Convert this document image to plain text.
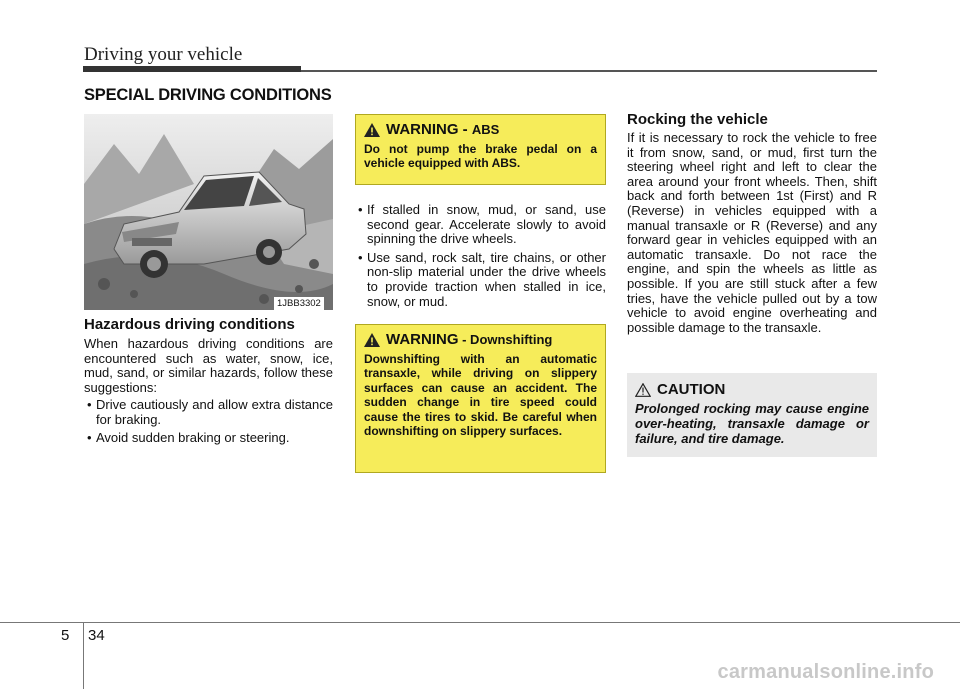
Driving your vehicle
SPECIAL DRIVING CONDITIONS
1JBB3302
Hazardous driving conditions
When hazardous driving conditions are encountered such as water, snow, ice, mud, sand, or similar hazards, follow these suggestions:

• Drive cautiously and allow extra distance for braking.

• Avoid sudden braking or steering.

WARNING - ABS
Do not pump the brake pedal on a vehicle equipped with ABS.

• If stalled in snow, mud, or sand, use second gear. Accelerate slowly to avoid spinning the drive wheels.

• Use sand, rock salt, tire chains, or other non-slip material under the drive wheels to provide traction when stalled in ice, snow, or mud.

WARNING - Downshifting
Downshifting with an automatic transaxle, while driving on slippery surfaces can cause an accident. The sudden change in tire speed could cause the tires to skid. Be careful when downshifting on slippery surfaces.
Rocking the vehicle
If it is necessary to rock the vehicle to free it from snow, sand, or mud, first turn the steering wheel right and left to clear the area around your front wheels. Then, shift back and forth between 1st (First) and R (Reverse) in vehicles equipped with a manual transaxle or R (Reverse) and any forward gear in vehicles equipped with an automatic transaxle. Do not race the engine, and spin the wheels as little as possible. If you are still stuck after a few tries, have the vehicle pulled out by a tow vehicle to avoid engine overheating and possible damage to the transaxle.
CAUTION
Prolonged rocking may cause engine over-heating, transaxle damage or failure, and tire damage.
5 34
carmanualsonline.info
